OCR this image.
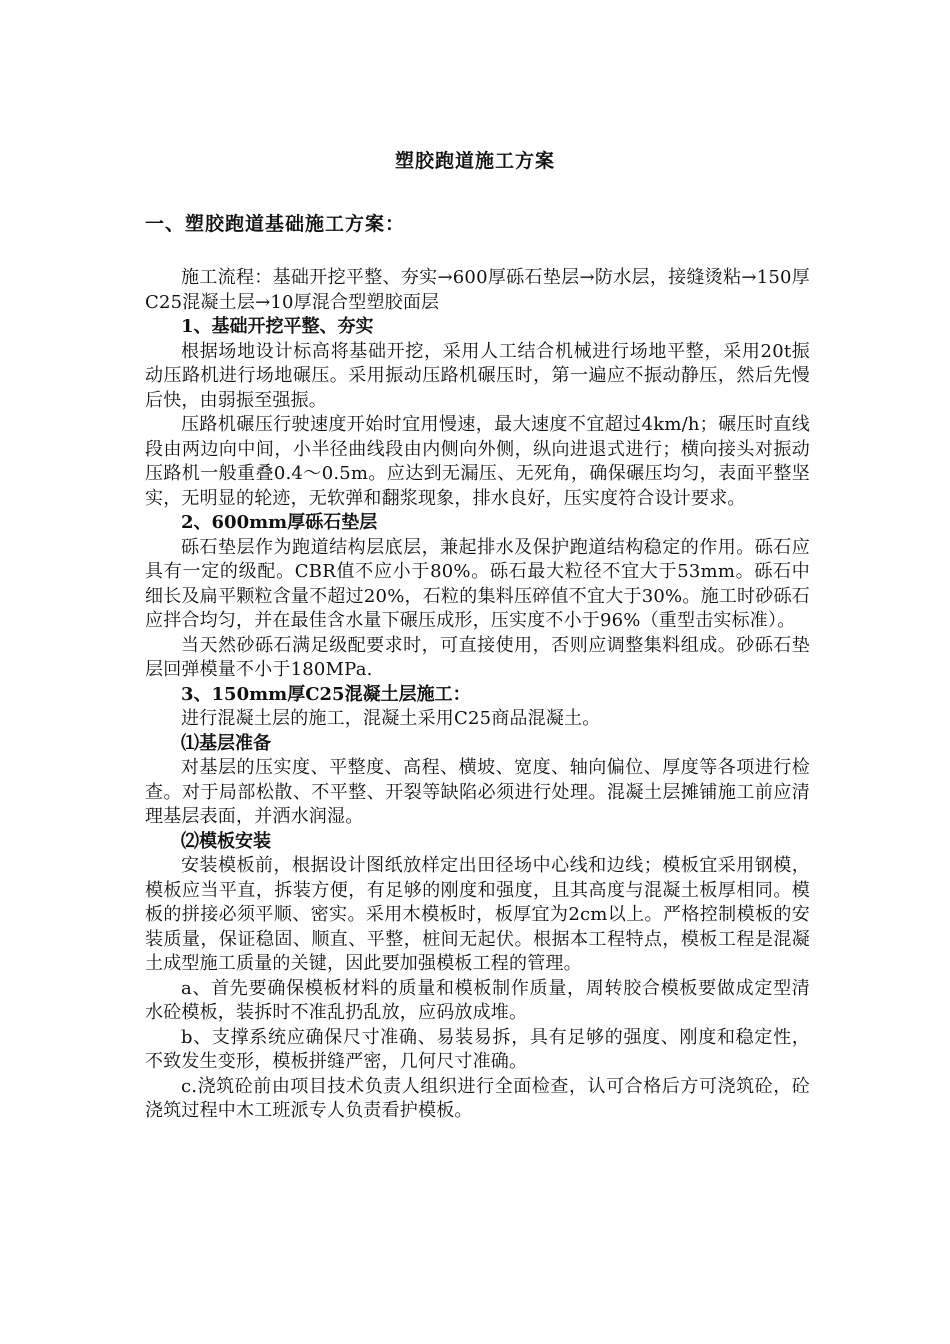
塑胶跑道施工方案
一、塑胶跑道基础施工方案：

施工流程：基础开挖平整、夯实→600厚砾石垫层→防水层，接缝烫粘→150厚C25混凝土层→10厚混合型塑胶面层

1、基础开挖平整、夯实

根据场地设计标高将基础开挖，采用人工结合机械进行场地平整，采用20t振动压路机进行场地碾压。采用振动压路机碾压时，第一遍应不振动静压，然后先慢后快，由弱振至强振。

压路机碾压行驶速度开始时宜用慢速，最大速度不宜超过4km/h；碾压时直线段由两边向中间，小半径曲线段由内侧向外侧，纵向进退式进行；横向接头对振动压路机一般重叠0.4～0.5m。应达到无漏压、无死角，确保碾压均匀，表面平整坚实，无明显的轮迹，无软弹和翻浆现象，排水良好，压实度符合设计要求。

2、600mm厚砾石垫层

砾石垫层作为跑道结构层底层，兼起排水及保护跑道结构稳定的作用。砾石应具有一定的级配。CBR值不应小于80%。砾石最大粒径不宜大于53mm。砾石中细长及扁平颗粒含量不超过20%，石粒的集料压碎值不宜大于30%。施工时砂砾石应拌合均匀，并在最佳含水量下碾压成形，压实度不小于96%（重型击实标准）。

当天然砂砾石满足级配要求时，可直接使用，否则应调整集料组成。砂砾石垫层回弹模量不小于180MPa.

3、150mm厚C25混凝土层施工：

进行混凝土层的施工，混凝土采用C25商品混凝土。

⑴基层准备

对基层的压实度、平整度、高程、横坡、宽度、轴向偏位、厚度等各项进行检查。对于局部松散、不平整、开裂等缺陷必须进行处理。混凝土层摊铺施工前应清理基层表面，并洒水润湿。

⑵模板安装

安装模板前，根据设计图纸放样定出田径场中心线和边线；模板宜采用钢模，模板应当平直，拆装方便，有足够的刚度和强度，且其高度与混凝土板厚相同。模板的拼接必须平顺、密实。采用木模板时，板厚宜为2cm以上。严格控制模板的安装质量，保证稳固、顺直、平整，桩间无起伏。根据本工程特点，模板工程是混凝土成型施工质量的关键，因此要加强模板工程的管理。

a、首先要确保模板材料的质量和模板制作质量，周转胶合模板要做成定型清水砼模板，装拆时不准乱扔乱放，应码放成堆。

b、支撑系统应确保尺寸准确、易装易拆，具有足够的强度、刚度和稳定性，不致发生变形，模板拼缝严密，几何尺寸准确。

c.浇筑砼前由项目技术负责人组织进行全面检查，认可合格后方可浇筑砼，砼浇筑过程中木工班派专人负责看护模板。
